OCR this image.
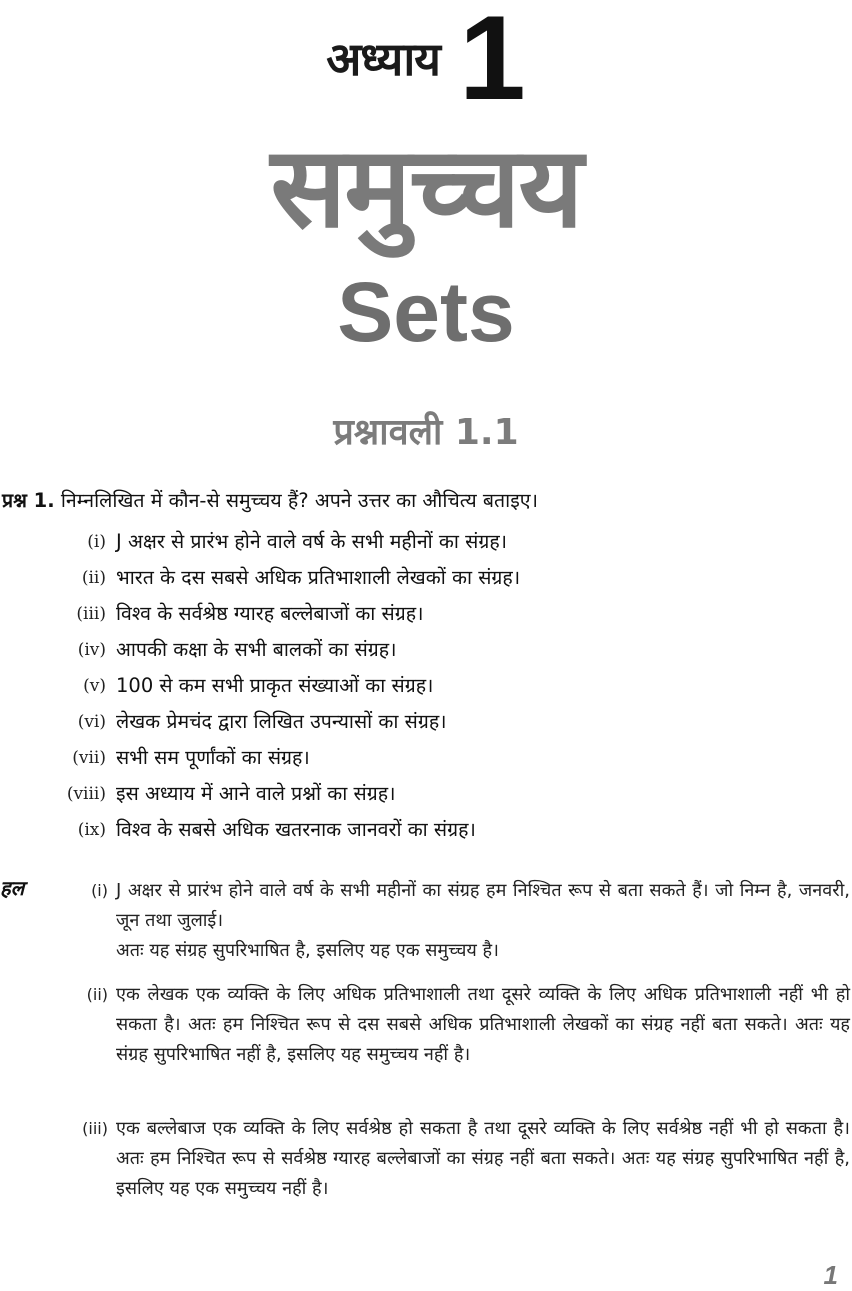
अध्याय 1
समुच्चय
Sets
प्रश्नावली 1.1
प्रश्न 1. निम्नलिखित में कौन-से समुच्चय हैं? अपने उत्तर का औचित्य बताइए।
(i) J अक्षर से प्रारंभ होने वाले वर्ष के सभी महीनों का संग्रह।
(ii) भारत के दस सबसे अधिक प्रतिभाशाली लेखकों का संग्रह।
(iii) विश्व के सर्वश्रेष्ठ ग्यारह बल्लेबाजों का संग्रह।
(iv) आपकी कक्षा के सभी बालकों का संग्रह।
(v) 100 से कम सभी प्राकृत संख्याओं का संग्रह।
(vi) लेखक प्रेमचंद द्वारा लिखित उपन्यासों का संग्रह।
(vii) सभी सम पूर्णांकों का संग्रह।
(viii) इस अध्याय में आने वाले प्रश्नों का संग्रह।
(ix) विश्व के सबसे अधिक खतरनाक जानवरों का संग्रह।
हल	(i) J अक्षर से प्रारंभ होने वाले वर्ष के सभी महीनों का संग्रह हम निश्चित रूप से बता सकते हैं। जो निम्न है, जनवरी, जून तथा जुलाई।

अतः यह संग्रह सुपरिभाषित है, इसलिए यह एक समुच्चय है।

(ii) एक लेखक एक व्यक्ति के लिए अधिक प्रतिभाशाली तथा दूसरे व्यक्ति के लिए अधिक प्रतिभाशाली नहीं भी हो सकता है। अतः हम निश्चित रूप से दस सबसे अधिक प्रतिभाशाली लेखकों का संग्रह नहीं बता सकते। अतः यह संग्रह सुपरिभाषित नहीं है, इसलिए यह समुच्चय नहीं है।

(iii) एक बल्लेबाज एक व्यक्ति के लिए सर्वश्रेष्ठ हो सकता है तथा दूसरे व्यक्ति के लिए सर्वश्रेष्ठ नहीं भी हो सकता है। अतः हम निश्चित रूप से सर्वश्रेष्ठ ग्यारह बल्लेबाजों का संग्रह नहीं बता सकते। अतः यह संग्रह सुपरिभाषित नहीं है, इसलिए यह एक समुच्चय नहीं है।

1
